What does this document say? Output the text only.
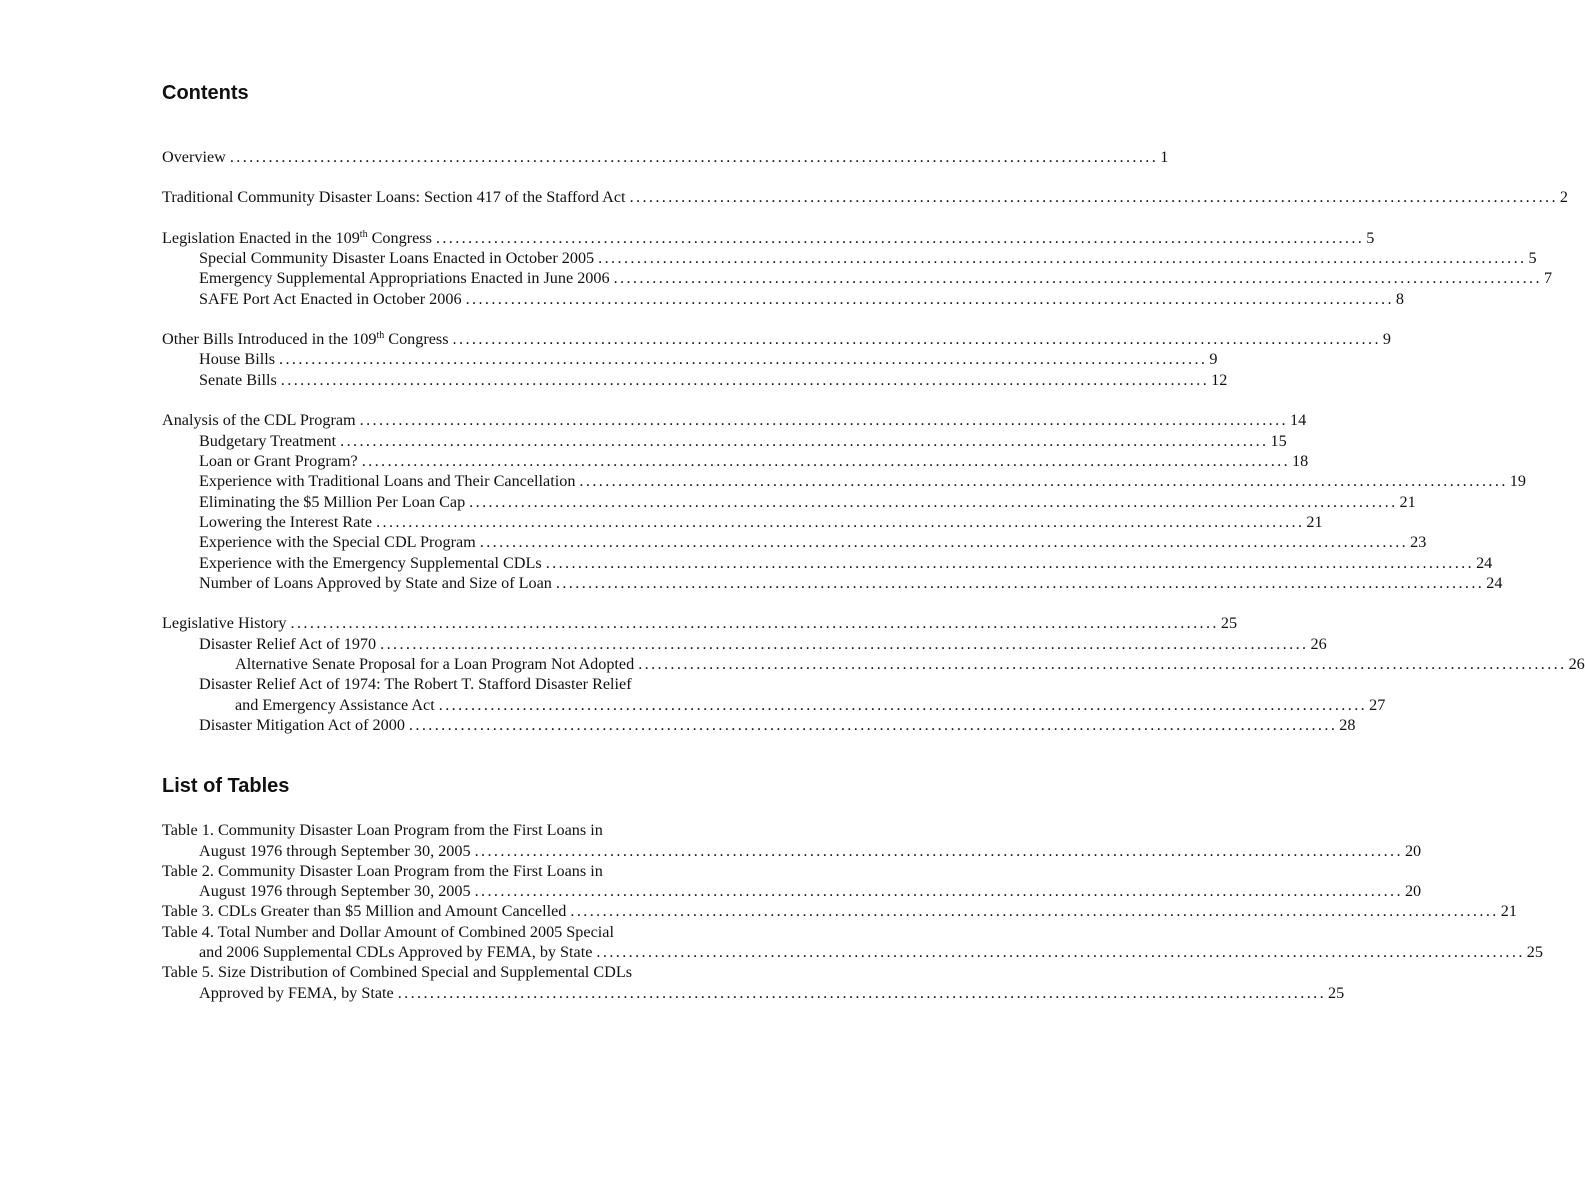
Contents
Overview ................................................................................................................................................ 1
Traditional Community Disaster Loans: Section 417 of the Stafford Act ................................................................................................................................................ 2
Legislation Enacted in the 109th Congress ................................................................................................................................................ 5
Special Community Disaster Loans Enacted in October 2005 ................................................................................................................................................ 5
Emergency Supplemental Appropriations Enacted in June 2006 ................................................................................................................................................ 7
SAFE Port Act Enacted in October 2006 ................................................................................................................................................ 8
Other Bills Introduced in the 109th Congress ................................................................................................................................................ 9
House Bills ................................................................................................................................................ 9
Senate Bills ................................................................................................................................................ 12
Analysis of the CDL Program ................................................................................................................................................ 14
Budgetary Treatment ................................................................................................................................................ 15
Loan or Grant Program? ................................................................................................................................................ 18
Experience with Traditional Loans and Their Cancellation ................................................................................................................................................ 19
Eliminating the $5 Million Per Loan Cap ................................................................................................................................................ 21
Lowering the Interest Rate ................................................................................................................................................ 21
Experience with the Special CDL Program ................................................................................................................................................ 23
Experience with the Emergency Supplemental CDLs ................................................................................................................................................ 24
Number of Loans Approved by State and Size of Loan ................................................................................................................................................ 24
Legislative History ................................................................................................................................................ 25
Disaster Relief Act of 1970 ................................................................................................................................................ 26
Alternative Senate Proposal for a Loan Program Not Adopted ................................................................................................................................................ 26
Disaster Relief Act of 1974: The Robert T. Stafford Disaster Relief
and Emergency Assistance Act ................................................................................................................................................ 27
Disaster Mitigation Act of 2000 ................................................................................................................................................ 28
List of Tables
Table 1. Community Disaster Loan Program from the First Loans in
August 1976 through September 30, 2005 ................................................................................................................................................ 20
Table 2. Community Disaster Loan Program from the First Loans in
August 1976 through September 30, 2005 ................................................................................................................................................ 20
Table 3. CDLs Greater than $5 Million and Amount Cancelled ................................................................................................................................................ 21
Table 4. Total Number and Dollar Amount of Combined 2005 Special
and 2006 Supplemental CDLs Approved by FEMA, by State ................................................................................................................................................ 25
Table 5. Size Distribution of Combined Special and Supplemental CDLs
Approved by FEMA, by State ................................................................................................................................................ 25
